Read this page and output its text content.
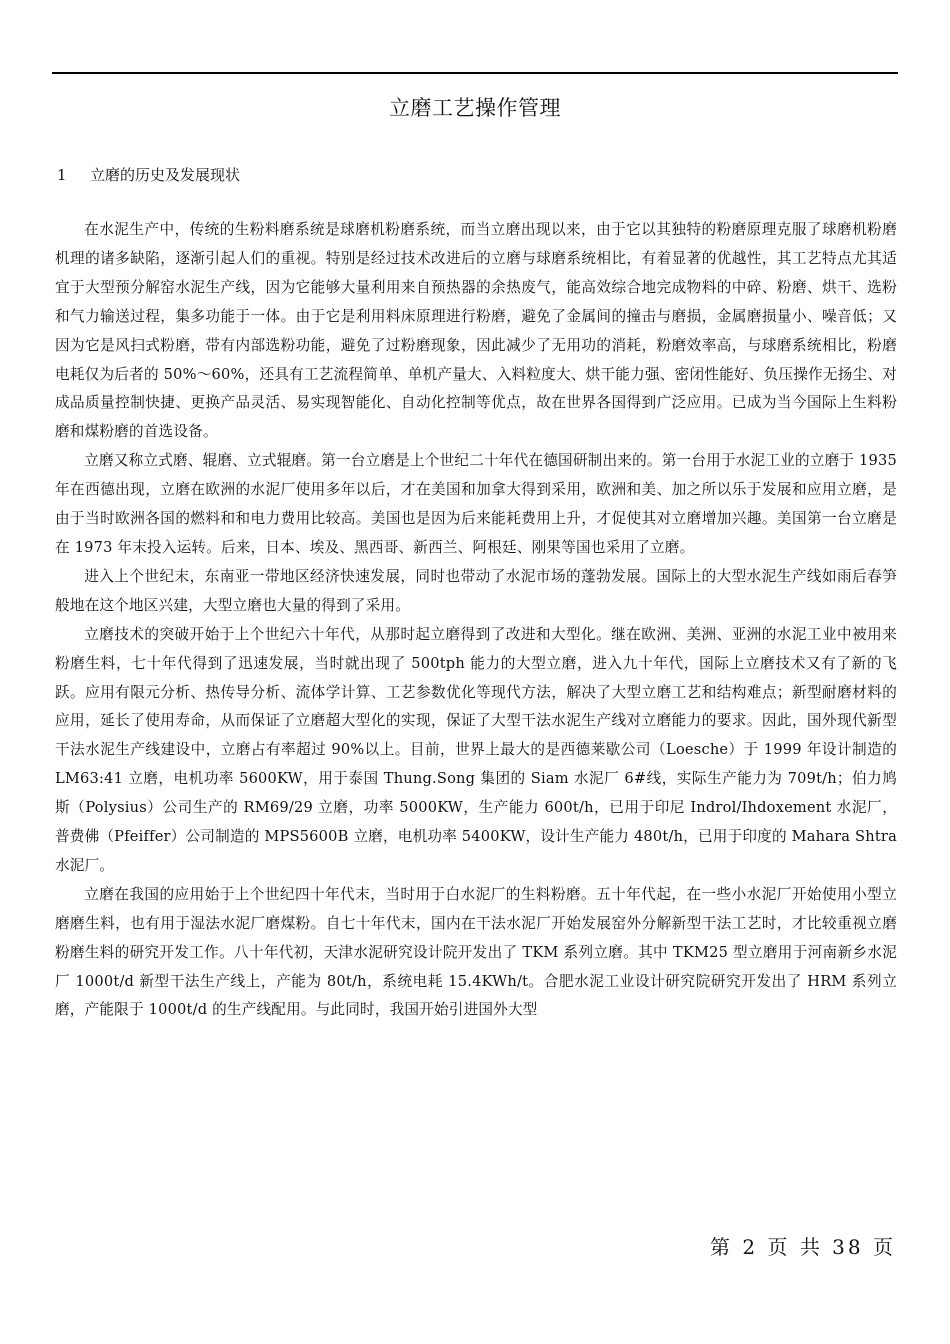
立磨工艺操作管理
1 立磨的历史及发展现状

在水泥生产中，传统的生粉料磨系统是球磨机粉磨系统，而当立磨出现以来，由于它以其独特的粉磨原理克服了球磨机粉磨机理的诸多缺陷，逐渐引起人们的重视。特别是经过技术改进后的立磨与球磨系统相比，有着显著的优越性，其工艺特点尤其适宜于大型预分解窑水泥生产线，因为它能够大量利用来自预热器的余热废气，能高效综合地完成物料的中碎、粉磨、烘干、选粉和气力输送过程，集多功能于一体。由于它是利用料床原理进行粉磨，避免了金属间的撞击与磨损，金属磨损量小、噪音低；又因为它是风扫式粉磨，带有内部选粉功能，避免了过粉磨现象，因此减少了无用功的消耗，粉磨效率高，与球磨系统相比，粉磨电耗仅为后者的 50%～60%，还具有工艺流程简单、单机产量大、入料粒度大、烘干能力强、密闭性能好、负压操作无扬尘、对成品质量控制快捷、更换产品灵活、易实现智能化、自动化控制等优点，故在世界各国得到广泛应用。已成为当今国际上生料粉磨和煤粉磨的首选设备。

立磨又称立式磨、辊磨、立式辊磨。第一台立磨是上个世纪二十年代在德国研制出来的。第一台用于水泥工业的立磨于 1935 年在西德出现，立磨在欧洲的水泥厂使用多年以后，才在美国和加拿大得到采用，欧洲和美、加之所以乐于发展和应用立磨，是由于当时欧洲各国的燃料和和电力费用比较高。美国也是因为后来能耗费用上升，才促使其对立磨增加兴趣。美国第一台立磨是在 1973 年末投入运转。后来，日本、埃及、黑西哥、新西兰、阿根廷、刚果等国也采用了立磨。

进入上个世纪末，东南亚一带地区经济快速发展，同时也带动了水泥市场的蓬勃发展。国际上的大型水泥生产线如雨后春笋般地在这个地区兴建，大型立磨也大量的得到了采用。

立磨技术的突破开始于上个世纪六十年代，从那时起立磨得到了改进和大型化。继在欧洲、美洲、亚洲的水泥工业中被用来粉磨生料，七十年代得到了迅速发展，当时就出现了 500tph 能力的大型立磨，进入九十年代，国际上立磨技术又有了新的飞跃。应用有限元分析、热传导分析、流体学计算、工艺参数优化等现代方法，解决了大型立磨工艺和结构难点；新型耐磨材料的应用，延长了使用寿命，从而保证了立磨超大型化的实现，保证了大型干法水泥生产线对立磨能力的要求。因此，国外现代新型干法水泥生产线建设中，立磨占有率超过 90%以上。目前，世界上最大的是西德莱歇公司（Loesche）于 1999 年设计制造的 LM63:41 立磨，电机功率 5600KW，用于泰国 Thung.Song 集团的 Siam 水泥厂 6#线，实际生产能力为 709t/h；伯力鸠斯（Polysius）公司生产的 RM69/29 立磨，功率 5000KW，生产能力 600t/h，已用于印尼 Indrol/Ihdoxement 水泥厂，普费佛（Pfeiffer）公司制造的 MPS5600B 立磨，电机功率 5400KW，设计生产能力 480t/h，已用于印度的 Mahara Shtra 水泥厂。

立磨在我国的应用始于上个世纪四十年代末，当时用于白水泥厂的生料粉磨。五十年代起，在一些小水泥厂开始使用小型立磨磨生料，也有用于湿法水泥厂磨煤粉。自七十年代末，国内在干法水泥厂开始发展窑外分解新型干法工艺时，才比较重视立磨粉磨生料的研究开发工作。八十年代初，天津水泥研究设计院开发出了 TKM 系列立磨。其中 TKM25 型立磨用于河南新乡水泥厂 1000t/d 新型干法生产线上，产能为 80t/h，系统电耗 15.4KWh/t。合肥水泥工业设计研究院研究开发出了 HRM 系列立磨，产能限于 1000t/d 的生产线配用。与此同时，我国开始引进国外大型

第 2 页 共 38 页
